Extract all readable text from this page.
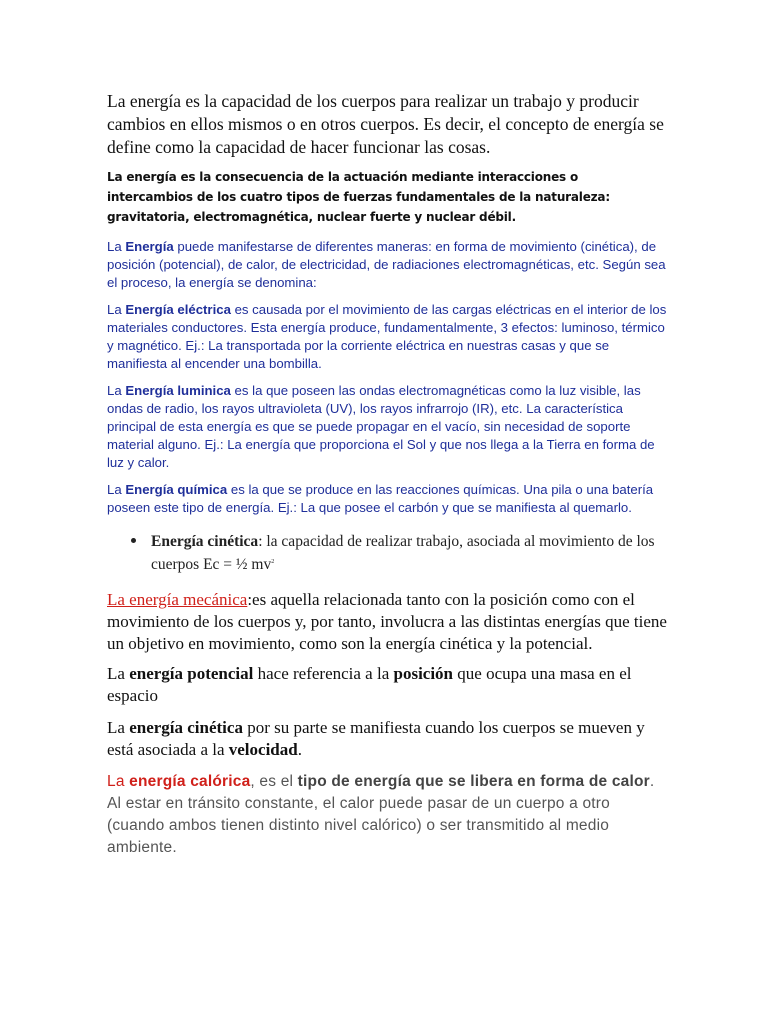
La energía es la capacidad de los cuerpos para realizar un trabajo y producir cambios en ellos mismos o en otros cuerpos. Es decir, el concepto de energía se define como la capacidad de hacer funcionar las cosas.

La energía es la consecuencia de la actuación mediante interacciones o intercambios de los cuatro tipos de fuerzas fundamentales de la naturaleza: gravitatoria, electromagnética, nuclear fuerte y nuclear débil.

La Energía puede manifestarse de diferentes maneras: en forma de movimiento (cinética), de posición (potencial), de calor, de electricidad, de radiaciones electromagnéticas, etc. Según sea el proceso, la energía se denomina:

La Energía eléctrica es causada por el movimiento de las cargas eléctricas en el interior de los materiales conductores. Esta energía produce, fundamentalmente, 3 efectos: luminoso, térmico y magnético. Ej.: La transportada por la corriente eléctrica en nuestras casas y que se manifiesta al encender una bombilla.

La Energía luminica es la que poseen las ondas electromagnéticas como la luz visible, las ondas de radio, los rayos ultravioleta (UV), los rayos infrarrojo (IR), etc. La característica principal de esta energía es que se puede propagar en el vacío, sin necesidad de soporte material alguno. Ej.: La energía que proporciona el Sol y que nos llega a la Tierra en forma de luz y calor.

La Energía química es la que se produce en las reacciones químicas. Una pila o una batería poseen este tipo de energía. Ej.: La que posee el carbón y que se manifiesta al quemarlo.

Energía cinética: la capacidad de realizar trabajo, asociada al movimiento de los cuerpos Ec = ½ $mv^2$

La energía mecánica:es aquella relacionada tanto con la posición como con el movimiento de los cuerpos y, por tanto, involucra a las distintas energías que tiene un objetivo en movimiento, como son la energía cinética y la potencial.

La energía potencial hace referencia a la posición que ocupa una masa en el espacio

La energía cinética por su parte se manifiesta cuando los cuerpos se mueven y está asociada a la velocidad.

La energía calórica, es el tipo de energía que se libera en forma de calor. Al estar en tránsito constante, el calor puede pasar de un cuerpo a otro (cuando ambos tienen distinto nivel calórico) o ser transmitido al medio ambiente.
